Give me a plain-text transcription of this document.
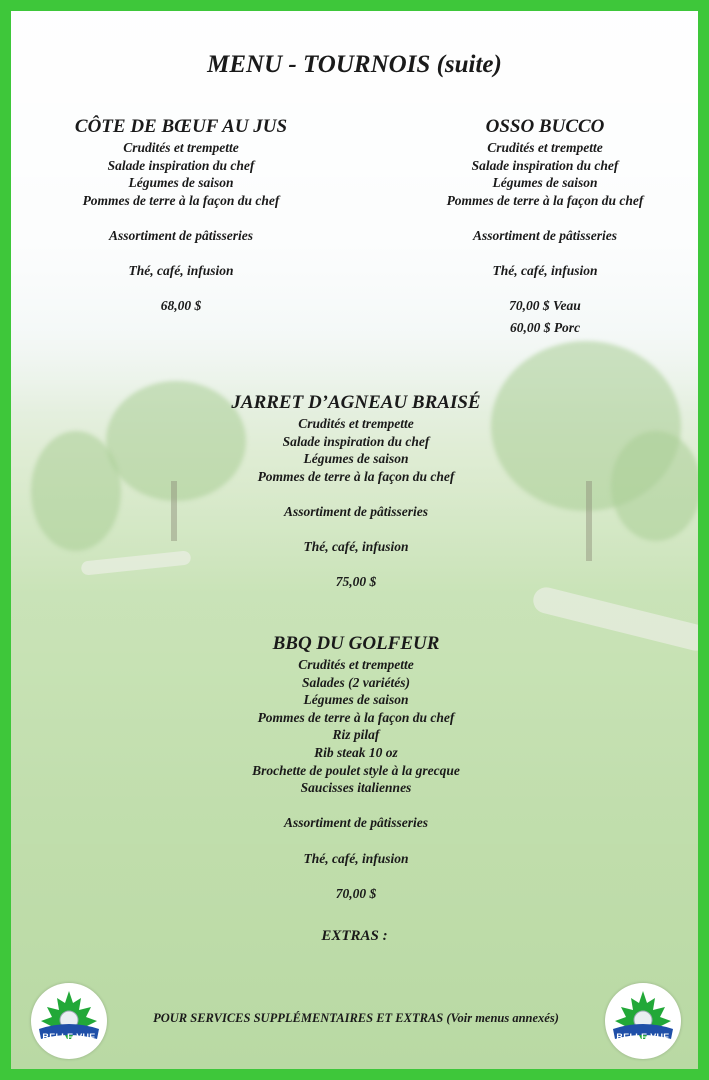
MENU - TOURNOIS (suite)
CÔTE DE BŒUF AU JUS
Crudités et trempette
Salade inspiration du chef
Légumes de saison
Pommes de terre à la façon du chef
Assortiment de pâtisseries
Thé, café, infusion
68,00 $
OSSO BUCCO
Crudités et trempette
Salade inspiration du chef
Légumes de saison
Pommes de terre à la façon du chef
Assortiment de pâtisseries
Thé, café, infusion
70,00 $ Veau
60,00 $ Porc
JARRET D’AGNEAU BRAISÉ
Crudités et trempette
Salade inspiration du chef
Légumes de saison
Pommes de terre à la façon du chef
Assortiment de pâtisseries
Thé, café, infusion
75,00 $
BBQ DU GOLFEUR
Crudités et trempette
Salades (2 variétés)
Légumes de saison
Pommes de terre à la façon du chef
Riz pilaf
Rib steak 10 oz
Brochette de poulet style à la grecque
Saucisses italiennes
Assortiment de pâtisseries
Thé, café, infusion
70,00 $
EXTRAS :
POUR SERVICES SUPPLÉMENTAIRES ET EXTRAS (Voir menus annexés)
BELLE VUE	BELLE VUE
